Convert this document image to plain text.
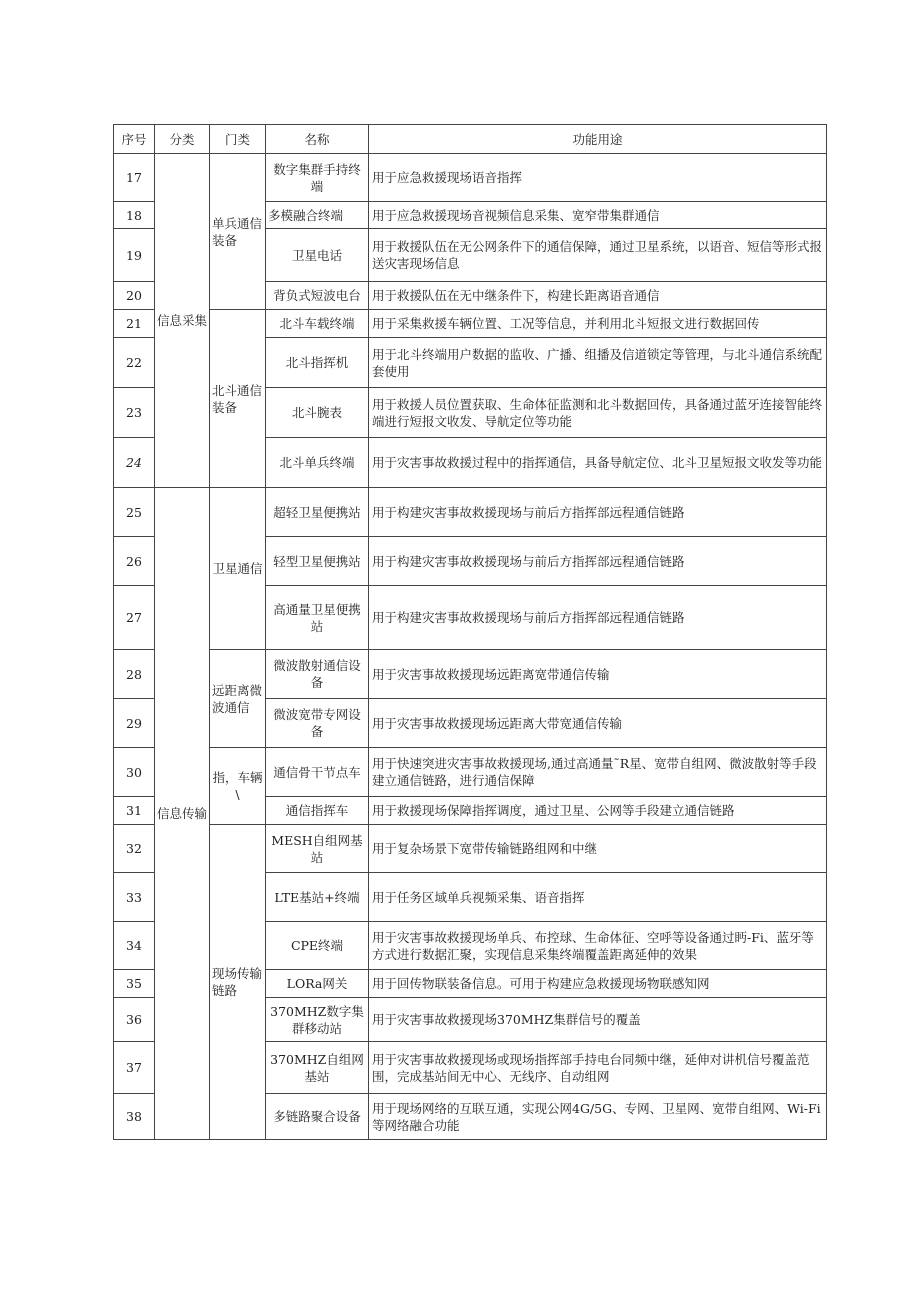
序号	分类	门类	名称	功能用途
17	信息采集	单兵通信装备	数字集群手持终端	用于应急救援现场语音指挥
18			多模融合终端	用于应急救援现场音视频信息采集、宽窄带集群通信
19			卫星电话	用于救援队伍在无公网条件下的通信保障，通过卫星系统，以语音、短信等形式报送灾害现场信息
20			背负式短波电台	用于救援队伍在无中继条件下，构建长距离语音通信
21		北斗通信装备	北斗车载终端	用于采集救援车辆位置、工况等信息，并利用北斗短报文进行数据回传
22			北斗指挥机	用于北斗终端用户数据的监收、广播、组播及信道锁定等管理，与北斗通信系统配套使用
23			北斗腕表	用于救援人员位置获取、生命体征监测和北斗数据回传，具备通过蓝牙连接智能终端进行短报文收发、导航定位等功能
24			北斗单兵终端	用于灾害事故救援过程中的指挥通信，具备导航定位、北斗卫星短报文收发等功能
25	信息传输	卫星通信	超轻卫星便携站	用于构建灾害事故救援现场与前后方指挥部远程通信链路
26			轻型卫星便携站	用于构建灾害事故救援现场与前后方指挥部远程通信链路
27			高通量卫星便携站	用于构建灾害事故救援现场与前后方指挥部远程通信链路
28		远距离微波通信	微波散射通信设备	用于灾害事故救援现场远距离宽带通信传输
29			微波宽带专网设备	用于灾害事故救援现场远距离大带宽通信传输
30		指，车辆\	通信骨干节点车	用于快速突进灾害事故救援现场,通过高通量˜R星、宽带自组网、微波散射等手段建立通信链路，进行通信保障
31			通信指挥车	用于救援现场保障指挥调度，通过卫星、公网等手段建立通信链路
32		现场传输链路	MESH自组网基站	用于复杂场景下宽带传输链路组网和中继
33			LTE基站+终端	用于任务区域单兵视频采集、语音指挥
34			CPE终端	用于灾害事故救援现场单兵、布控球、生命体征、空呼等设备通过眄-Fi、蓝牙等方式进行数据汇聚，实现信息采集终端覆盖距离延伸的效果
35			LORa网关	用于回传物联装备信息。可用于构建应急救援现场物联感知网
36			370MHZ数字集群移动站	用于灾害事故救援现场370MHZ集群信号的覆盖
37			370MHZ自组网基站	用于灾害事故救援现场或现场指挥部手持电台同频中继，延伸对讲机信号覆盖范围，完成基站间无中心、无线序、自动组网
38			多链路聚合设备	用于现场网络的互联互通，实现公网4G/5G、专网、卫星网、宽带自组网、Wi-Fi等网络融合功能
